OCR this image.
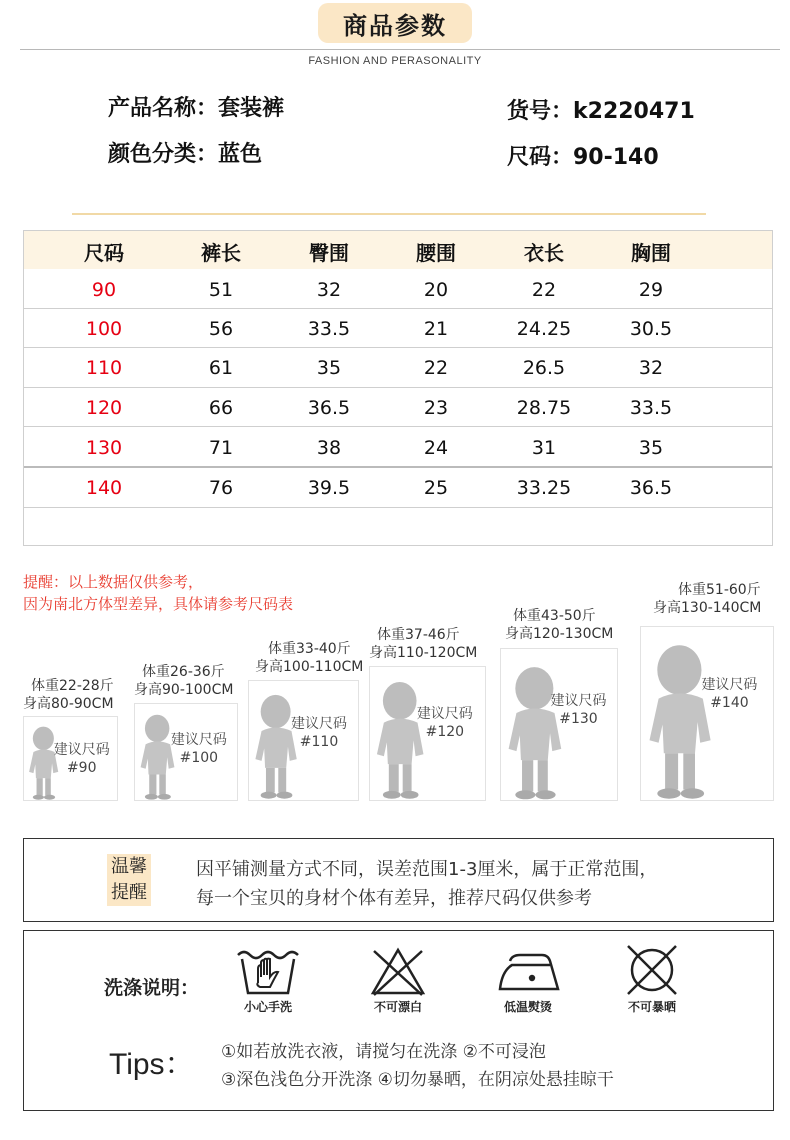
商品参数
FASHION AND PERASONALITY
产品名称：套装裤	货号：k2220471
颜色分类：蓝色	尺码：90-140
尺码	裤长	臀围	腰围	衣长	胸围
90	51	32	20	22	29
100	56	33.5	21	24.25	30.5
110	61	35	22	26.5	32
120	66	36.5	23	28.75	33.5
130	71	38	24	31	35
140	76	39.5	25	33.25	36.5
提醒：以上数据仅供参考，
因为南北方体型差异，具体请参考尺码表
体重22-28斤
身高80-90CM
建议尺码
#90
体重26-36斤
身高90-100CM
建议尺码
#100
体重33-40斤
身高100-110CM
建议尺码
#110
体重37-46斤
身高110-120CM
建议尺码
#120
体重43-50斤
身高120-130CM
建议尺码
#130
体重51-60斤
身高130-140CM
建议尺码
#140
温馨
提醒
因平铺测量方式不同，误差范围1-3厘米，属于正常范围，
每一个宝贝的身材个体有差异，推荐尺码仅供参考
洗涤说明：
小心手洗	不可漂白	低温熨烫	不可暴晒
Tips： ①如若放洗衣液，请搅匀在洗涤 ②不可浸泡
③深色浅色分开洗涤 ④切勿暴晒，在阴凉处悬挂晾干
